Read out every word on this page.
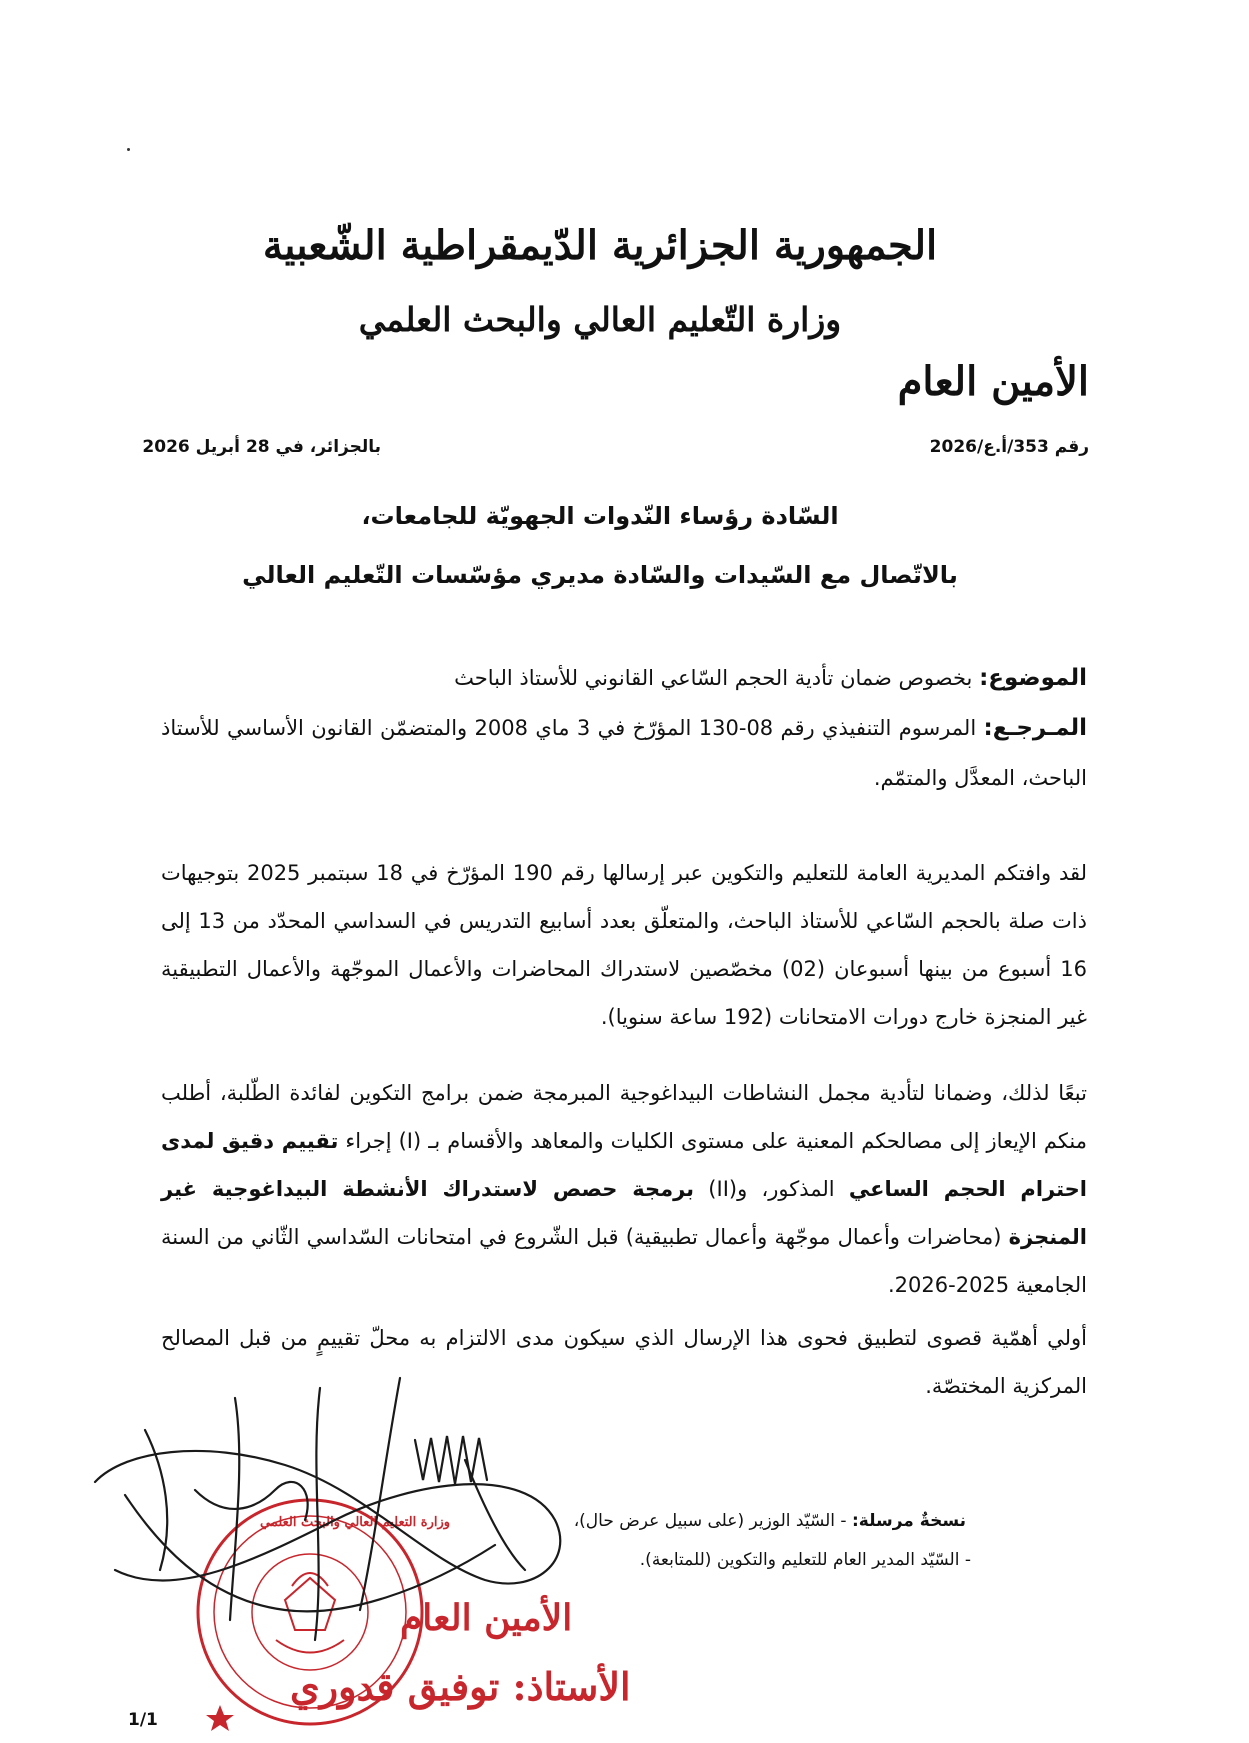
الجمهورية الجزائرية الدّيمقراطية الشّعبية
وزارة التّعليم العالي والبحث العلمي
الأمين العام
رقم 353/أ.ع/2026
بالجزائر، في 28 أبريل 2026
السّادة رؤساء النّدوات الجهويّة للجامعات،
بالاتّصال مع السّيدات والسّادة مديري مؤسّسات التّعليم العالي
الموضوع: بخصوص ضمان تأدية الحجم السّاعي القانوني للأستاذ الباحث
المـرجـع: المرسوم التنفيذي رقم 08-130 المؤرّخ في 3 ماي 2008 والمتضمّن القانون الأساسي للأستاذ الباحث، المعدَّل والمتمّم.
لقد وافتكم المديرية العامة للتعليم والتكوين عبر إرسالها رقم 190 المؤرّخ في 18 سبتمبر 2025 بتوجيهات ذات صلة بالحجم السّاعي للأستاذ الباحث، والمتعلّق بعدد أسابيع التدريس في السداسي المحدّد من 13 إلى 16 أسبوع من بينها أسبوعان (02) مخصّصين لاستدراك المحاضرات والأعمال الموجّهة والأعمال التطبيقية غير المنجزة خارج دورات الامتحانات (192 ساعة سنويا).
تبعًا لذلك، وضمانا لتأدية مجمل النشاطات البيداغوجية المبرمجة ضمن برامج التكوين لفائدة الطّلبة، أطلب منكم الإيعاز إلى مصالحكم المعنية على مستوى الكليات والمعاهد والأقسام بـ (I) إجراء تقييم دقيق لمدى احترام الحجم الساعي المذكور، و(II) برمجة حصص لاستدراك الأنشطة البيداغوجية غير المنجزة (محاضرات وأعمال موجّهة وأعمال تطبيقية) قبل الشّروع في امتحانات السّداسي الثّاني من السنة الجامعية 2025-2026.
أولي أهمّية قصوى لتطبيق فحوى هذا الإرسال الذي سيكون مدى الالتزام به محلّ تقييمٍ من قبل المصالح المركزية المختصّة.
نسخةٌ مرسلة: - السّيّد الوزير (على سبيل عرض حال)،
- السّيّد المدير العام للتعليم والتكوين (للمتابعة).
وزارة التعليم العالي والبحث العلمي
الأمين العام
الأستاذ: توفيق قدوري
1/1
